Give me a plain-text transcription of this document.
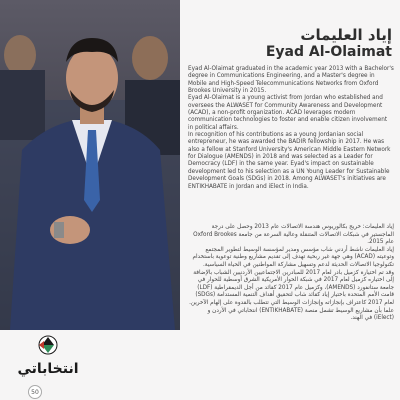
إياد العليمات
Eyad Al-Olaimat

Eyad Al-Olaimat graduated in the academic year 2013 with a Bachelor's degree in Communications Engineering, and a Master's degree in Mobile and High-Speed Telecommunications Networks from Oxford Brookes University in 2015.

Eyad Al-Olaimat is a young activist from Jordan who established and oversees the ALWASET for Community Awareness and Development (ACAD), a non-profit organization. ACAD leverages modern communication technologies to foster and enable citizen involvement in political affairs.

In recognition of his contributions as a young Jordanian social entrepreneur, he was awarded the BADIR fellowship in 2017. He was also a fellow at Stanford University's American Middle Eastern Network for Dialogue (AMENDS) in 2018 and was selected as a Leader for Democracy (LDF) in the same year. Eyad's impact on sustainable development led to his selection as a UN Young Leader for Sustainable Development Goals (SDGs) in 2018. Among ALWASET's initiatives are ENTIKHABATE in Jordan and iElect in India.

إياد العليمات: خريج بكالوريوس هندسة الاتصالات عام 2013 وحصل على درجة الماجستير في شبكات الاتصالات المتنقلة وعالية السرعة من جامعة Oxford Brookes عام 2015.

إياد العليمات ناشط أردني شاب مؤسس ومدير لمؤسسة الوسيط لتطوير المجتمع وتوعيته (ACAD) وهي جهة غير ربحية تهدف إلى تقديم مشاريع وطنية توعوية باستخدام تكنولوجيا الاتصالات الحديثة لدعم وتسهيل مشاركة المواطنين في الحياة السياسية.

وقد تم اختيارة كزميل بادر لعام 2017 للمبادرين الاجتماعيين الأردنيين الشباب بالإضافة إلى اختياره كزميل لعام 2017 في شبكة الحوار الأمريكية الشرق أوسطية للحوار في جامعة ستانفورد (AMENDS)، وكزميل عام 2017 كقائد من أجل الديمقراطية (LDF)

قامت الأمم المتحدة باختيار إياد كقائد شاب لتحقيق أهداف التنمية المستدامة (SDGs) لعام 2017 كاعتراف بإنجازاته وإنجازات الوسيط التي تتطلب بالقدوة على إلهام الآخرين.

علما بأن مشاريع الوسيط تشمل منصة (ENTIKHABATE) انتخاباتي في الأردن و (iElect) في الهند.

انتخاباتي
50
